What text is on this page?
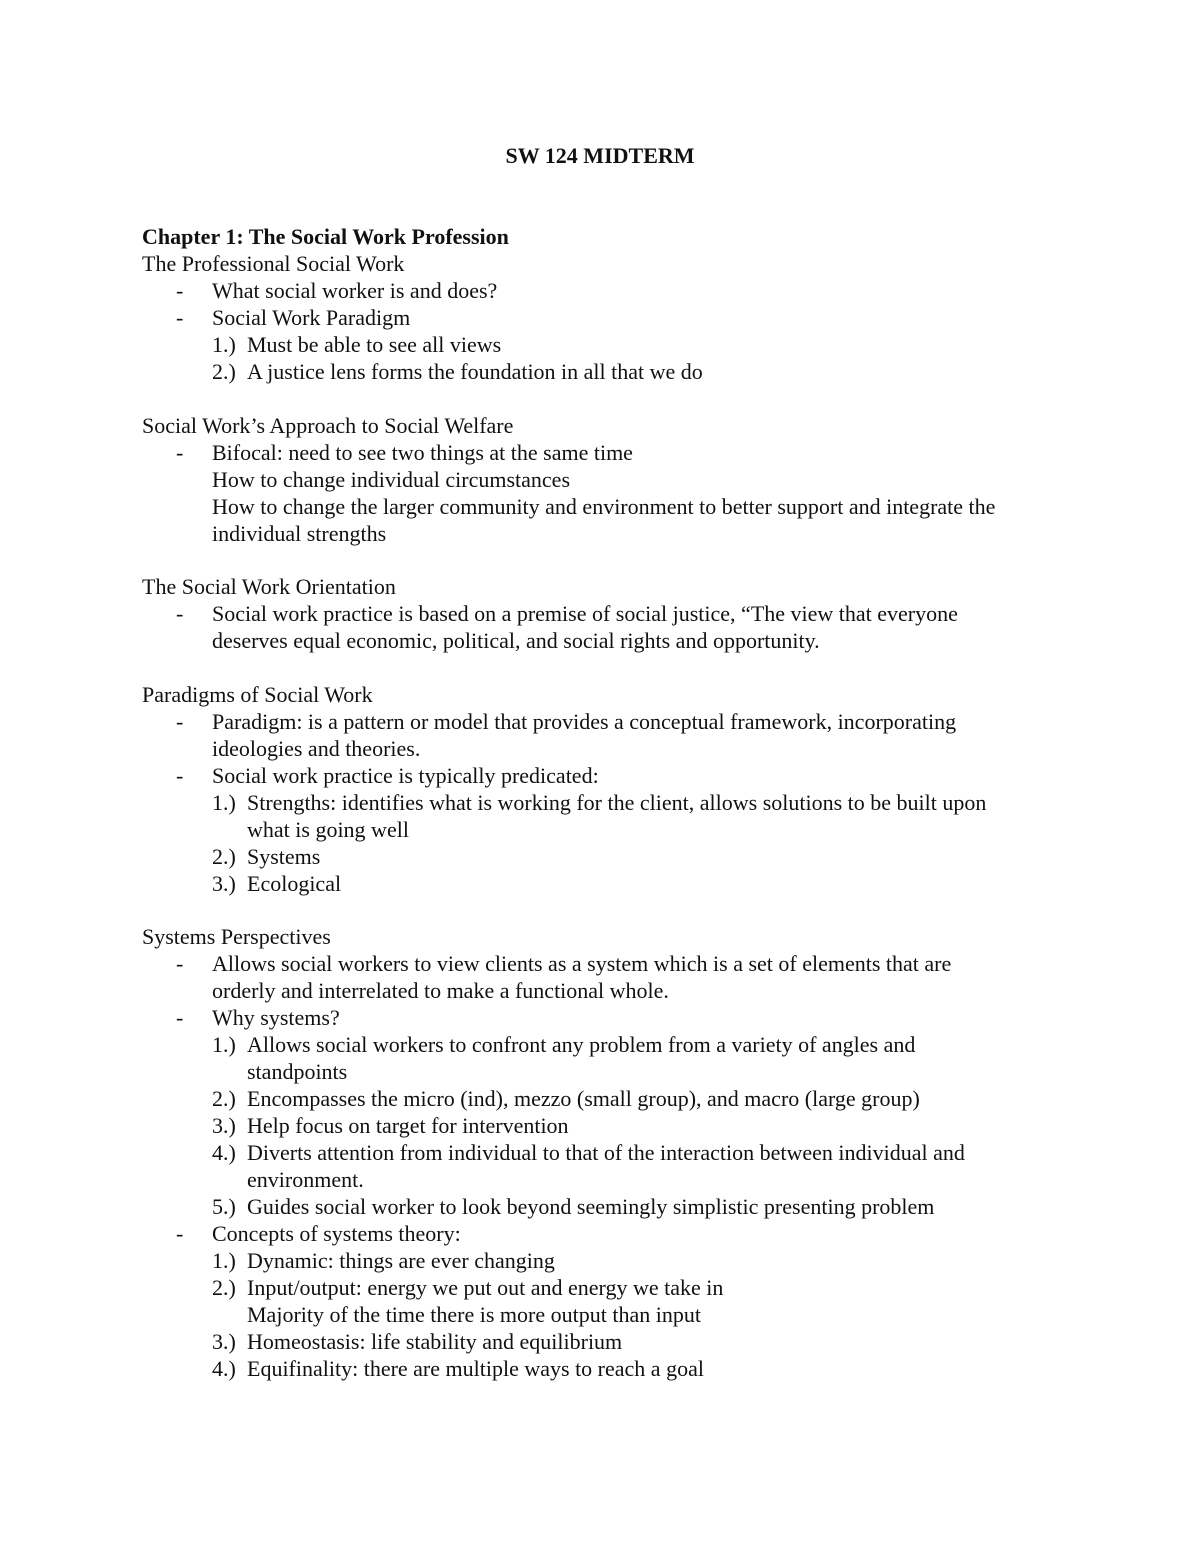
SW 124 MIDTERM
Chapter 1: The Social Work Profession
The Professional Social Work
- What social worker is and does?
- Social Work Paradigm
1.) Must be able to see all views
2.) A justice lens forms the foundation in all that we do
Social Work’s Approach to Social Welfare
- Bifocal: need to see two things at the same time
How to change individual circumstances
How to change the larger community and environment to better support and integrate the
individual strengths
The Social Work Orientation
- Social work practice is based on a premise of social justice, “The view that everyone
deserves equal economic, political, and social rights and opportunity.
Paradigms of Social Work
- Paradigm: is a pattern or model that provides a conceptual framework, incorporating
ideologies and theories.
- Social work practice is typically predicated:
1.) Strengths: identifies what is working for the client, allows solutions to be built upon
what is going well
2.) Systems
3.) Ecological
Systems Perspectives
- Allows social workers to view clients as a system which is a set of elements that are
orderly and interrelated to make a functional whole.
- Why systems?
1.) Allows social workers to confront any problem from a variety of angles and
standpoints
2.) Encompasses the micro (ind), mezzo (small group), and macro (large group)
3.) Help focus on target for intervention
4.) Diverts attention from individual to that of the interaction between individual and
environment.
5.) Guides social worker to look beyond seemingly simplistic presenting problem
- Concepts of systems theory:
1.) Dynamic: things are ever changing
2.) Input/output: energy we put out and energy we take in
Majority of the time there is more output than input
3.) Homeostasis: life stability and equilibrium
4.) Equifinality: there are multiple ways to reach a goal
